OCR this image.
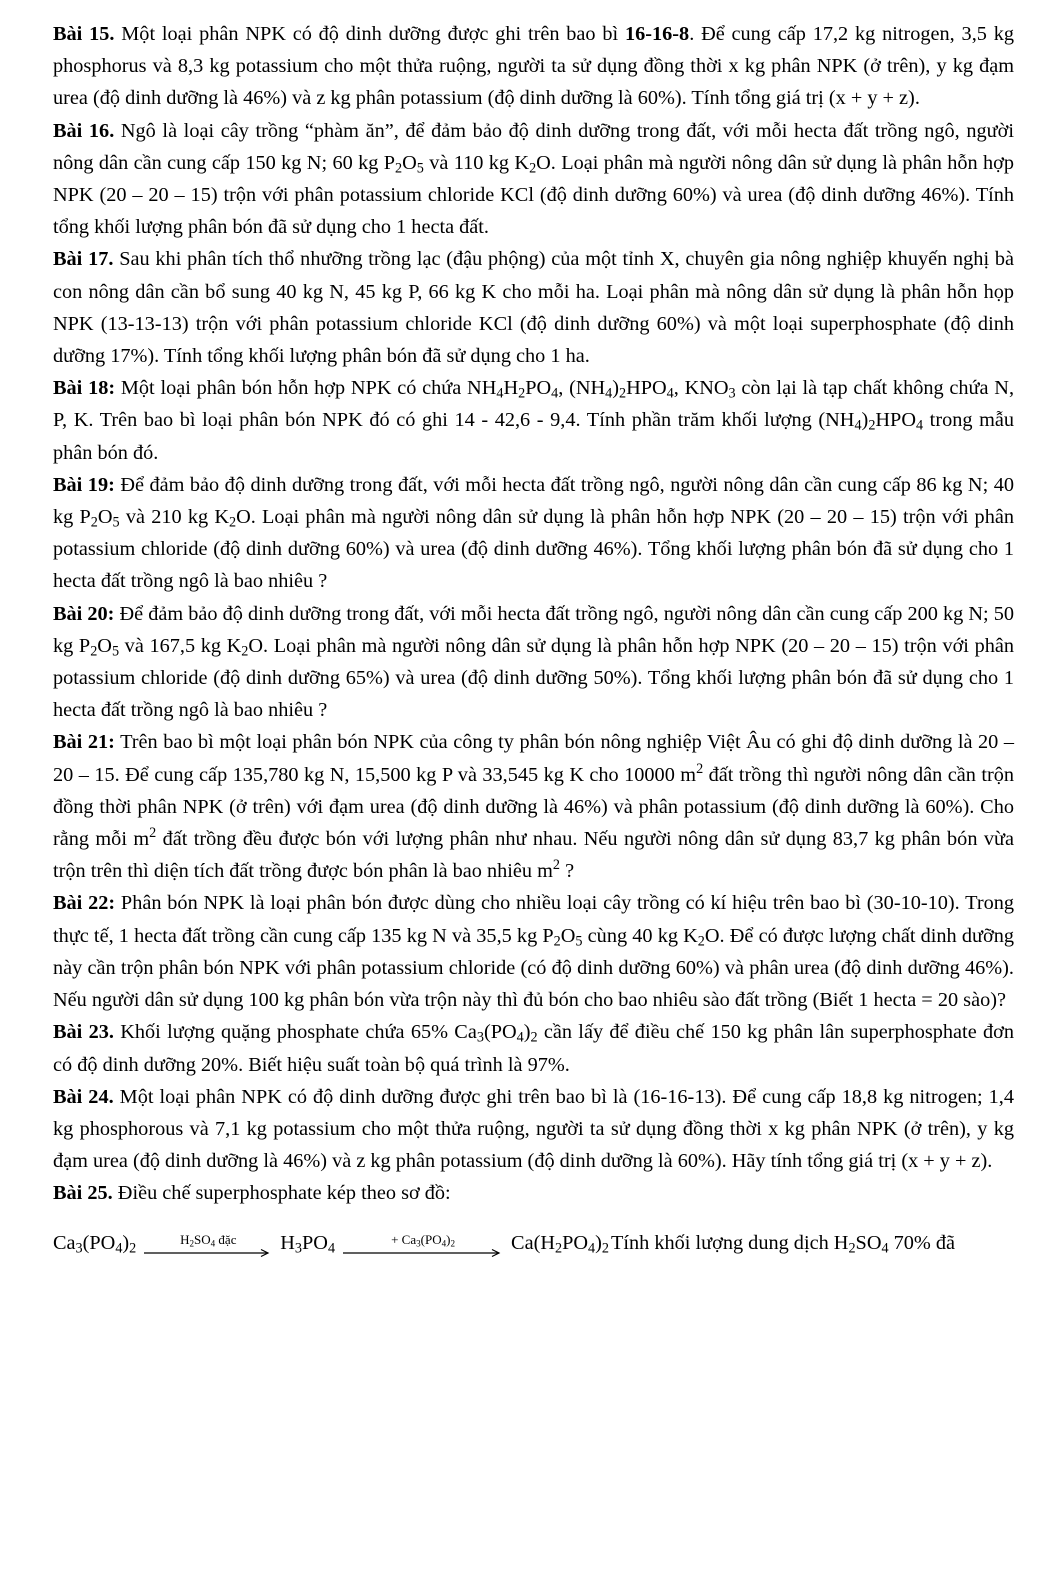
Bài 15. Một loại phân NPK có độ dinh dưỡng được ghi trên bao bì 16-16-8. Để cung cấp 17,2 kg nitrogen, 3,5 kg phosphorus và 8,3 kg potassium cho một thửa ruộng, người ta sử dụng đồng thời x kg phân NPK (ở trên), y kg đạm urea (độ dinh dưỡng là 46%) và z kg phân potassium (độ dinh dưỡng là 60%). Tính tổng giá trị (x + y + z).

Bài 16. Ngô là loại cây trồng “phàm ăn”, để đảm bảo độ dinh dưỡng trong đất, với mỗi hecta đất trồng ngô, người nông dân cần cung cấp 150 kg N; 60 kg $P_2O_5$ và 110 kg $K_2O$. Loại phân mà người nông dân sử dụng là phân hỗn hợp NPK (20 – 20 – 15) trộn với phân potassium chloride KCl (độ dinh dưỡng 60%) và urea (độ dinh dưỡng 46%). Tính tổng khối lượng phân bón đã sử dụng cho 1 hecta đất.

Bài 17. Sau khi phân tích thổ nhưỡng trồng lạc (đậu phộng) của một tỉnh X, chuyên gia nông nghiệp khuyến nghị bà con nông dân cần bổ sung 40 kg N, 45 kg P, 66 kg K cho mỗi ha. Loại phân mà nông dân sử dụng là phân hỗn họp NPK (13-13-13) trộn với phân potassium chloride KCl (độ dinh dưỡng 60%) và một loại superphosphate (độ dinh dưỡng 17%). Tính tổng khối lượng phân bón đã sử dụng cho 1 ha.

Bài 18: Một loại phân bón hỗn hợp NPK có chứa $NH_4H_2PO_4$, $(NH_4)_2HPO_4$, $KNO_3$ còn lại là tạp chất không chứa N, P, K. Trên bao bì loại phân bón NPK đó có ghi 14 - 42,6 - 9,4. Tính phần trăm khối lượng $(NH_4)_2HPO_4$ trong mẫu phân bón đó.

Bài 19: Để đảm bảo độ dinh dưỡng trong đất, với mỗi hecta đất trồng ngô, người nông dân cần cung cấp 86 kg N; 40 kg $P_2O_5$ và 210 kg $K_2O$. Loại phân mà người nông dân sử dụng là phân hỗn hợp NPK (20 – 20 – 15) trộn với phân potassium chloride (độ dinh dưỡng 60%) và urea (độ dinh dưỡng 46%). Tổng khối lượng phân bón đã sử dụng cho 1 hecta đất trồng ngô là bao nhiêu ?

Bài 20: Để đảm bảo độ dinh dưỡng trong đất, với mỗi hecta đất trồng ngô, người nông dân cần cung cấp 200 kg N; 50 kg $P_2O_5$ và 167,5 kg $K_2O$. Loại phân mà người nông dân sử dụng là phân hỗn hợp NPK (20 – 20 – 15) trộn với phân potassium chloride (độ dinh dưỡng 65%) và urea (độ dinh dưỡng 50%). Tổng khối lượng phân bón đã sử dụng cho 1 hecta đất trồng ngô là bao nhiêu ?

Bài 21: Trên bao bì một loại phân bón NPK của công ty phân bón nông nghiệp Việt Âu có ghi độ dinh dưỡng là 20 – 20 – 15. Để cung cấp 135,780 kg N, 15,500 kg P và 33,545 kg K cho 10000 $m^2$ đất trồng thì người nông dân cần trộn đồng thời phân NPK (ở trên) với đạm urea (độ dinh dưỡng là 46%) và phân potassium (độ dinh dưỡng là 60%). Cho rằng mỗi $m^2$ đất trồng đều được bón với lượng phân như nhau. Nếu người nông dân sử dụng 83,7 kg phân bón vừa trộn trên thì diện tích đất trồng được bón phân là bao nhiêu $m^2$ ?

Bài 22: Phân bón NPK là loại phân bón được dùng cho nhiều loại cây trồng có kí hiệu trên bao bì (30-10-10). Trong thực tế, 1 hecta đất trồng cần cung cấp 135 kg N và 35,5 kg $P_2O_5$ cùng 40 kg $K_2O$. Để có được lượng chất dinh dưỡng này cần trộn phân bón NPK với phân potassium chloride (có độ dinh dưỡng 60%) và phân urea (độ dinh dưỡng 46%). Nếu người dân sử dụng 100 kg phân bón vừa trộn này thì đủ bón cho bao nhiêu sào đất trồng (Biết 1 hecta = 20 sào)?

Bài 23. Khối lượng quặng phosphate chứa 65% $Ca_3(PO_4)_2$ cần lấy để điều chế 150 kg phân lân superphosphate đơn có độ dinh dưỡng 20%. Biết hiệu suất toàn bộ quá trình là 97%.

Bài 24. Một loại phân NPK có độ dinh dưỡng được ghi trên bao bì là (16-16-13). Để cung cấp 18,8 kg nitrogen; 1,4 kg phosphorous và 7,1 kg potassium cho một thửa ruộng, người ta sử dụng đồng thời x kg phân NPK (ở trên), y kg đạm urea (độ dinh dưỡng là 46%) và z kg phân potassium (độ dinh dưỡng là 60%). Hãy tính tổng giá trị (x + y + z).

Bài 25. Điều chế superphosphate kép theo sơ đồ:

$Ca_3(PO_4)_2$
$H_2SO_4$ đặc $H_3PO_4$
+ $Ca_3(PO_4)_2$	$Ca(H_2PO_4)_2$ Tính khối lượng dung dịch $H_2SO_4$ 70% đã
